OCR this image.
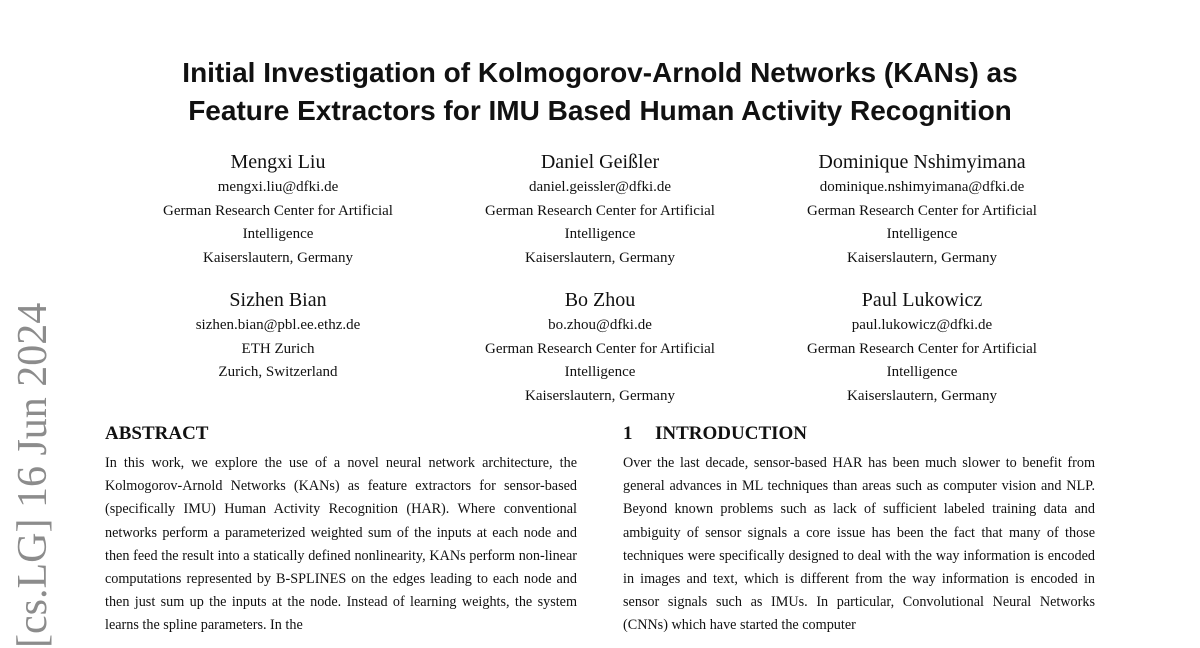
[cs.LG] 16 Jun 2024
Initial Investigation of Kolmogorov-Arnold Networks (KANs) as
Feature Extractors for IMU Based Human Activity Recognition
Mengxi Liu
mengxi.liu@dfki.de
German Research Center for Artificial
Intelligence
Kaiserslautern, Germany
Daniel Geißler
daniel.geissler@dfki.de
German Research Center for Artificial
Intelligence
Kaiserslautern, Germany
Dominique Nshimyimana
dominique.nshimyimana@dfki.de
German Research Center for Artificial
Intelligence
Kaiserslautern, Germany
Sizhen Bian
sizhen.bian@pbl.ee.ethz.de
ETH Zurich
Zurich, Switzerland
Bo Zhou
bo.zhou@dfki.de
German Research Center for Artificial
Intelligence
Kaiserslautern, Germany
Paul Lukowicz
paul.lukowicz@dfki.de
German Research Center for Artificial
Intelligence
Kaiserslautern, Germany
ABSTRACT

In this work, we explore the use of a novel neural network architecture, the Kolmogorov-Arnold Networks (KANs) as feature extractors for sensor-based (specifically IMU) Human Activity Recognition (HAR). Where conventional networks perform a parameterized weighted sum of the inputs at each node and then feed the result into a statically defined nonlinearity, KANs perform non-linear computations represented by B-SPLINES on the edges leading to each node and then just sum up the inputs at the node. Instead of learning weights, the system learns the spline parameters. In the

1 INTRODUCTION

Over the last decade, sensor-based HAR has been much slower to benefit from general advances in ML techniques than areas such as computer vision and NLP. Beyond known problems such as lack of sufficient labeled training data and ambiguity of sensor signals a core issue has been the fact that many of those techniques were specifically designed to deal with the way information is encoded in images and text, which is different from the way information is encoded in sensor signals such as IMUs. In particular, Convolutional Neural Networks (CNNs) which have started the computer
